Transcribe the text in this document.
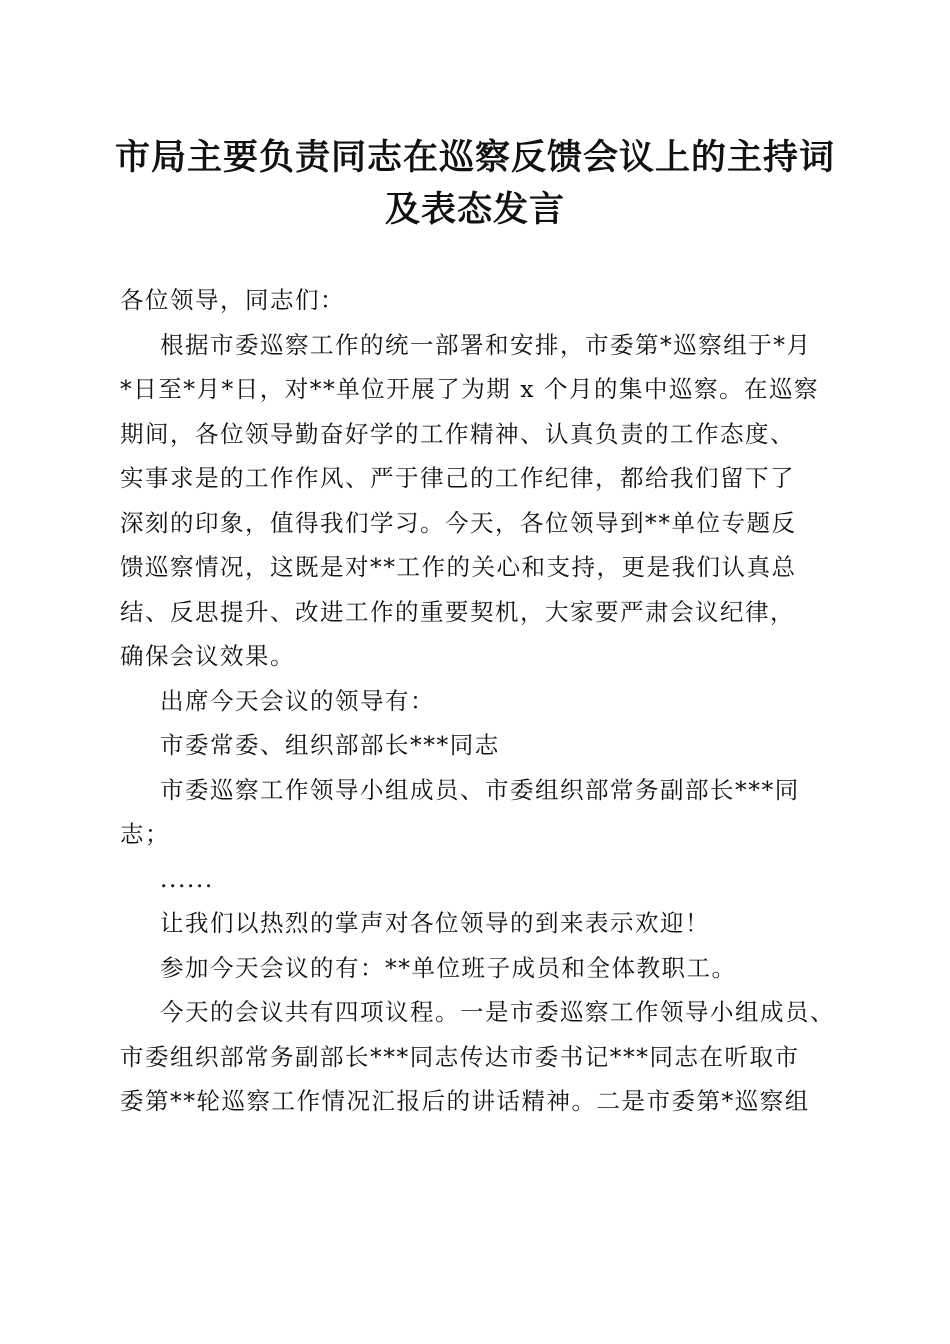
市局主要负责同志在巡察反馈会议上的主持词
及表态发言

各位领导，同志们：

根据市委巡察工作的统一部署和安排，市委第*巡察组于*月

*日至*月*日，对**单位开展了为期 x 个月的集中巡察。在巡察

期间，各位领导勤奋好学的工作精神、认真负责的工作态度、

实事求是的工作作风、严于律己的工作纪律，都给我们留下了

深刻的印象，值得我们学习。今天，各位领导到**单位专题反

馈巡察情况，这既是对**工作的关心和支持，更是我们认真总

结、反思提升、改进工作的重要契机，大家要严肃会议纪律，

确保会议效果。

出席今天会议的领导有：

市委常委、组织部部长***同志

市委巡察工作领导小组成员、市委组织部常务副部长***同

志；

......

让我们以热烈的掌声对各位领导的到来表示欢迎！

参加今天会议的有：**单位班子成员和全体教职工。

今天的会议共有四项议程。一是市委巡察工作领导小组成员、

市委组织部常务副部长***同志传达市委书记***同志在听取市

委第**轮巡察工作情况汇报后的讲话精神。二是市委第*巡察组
